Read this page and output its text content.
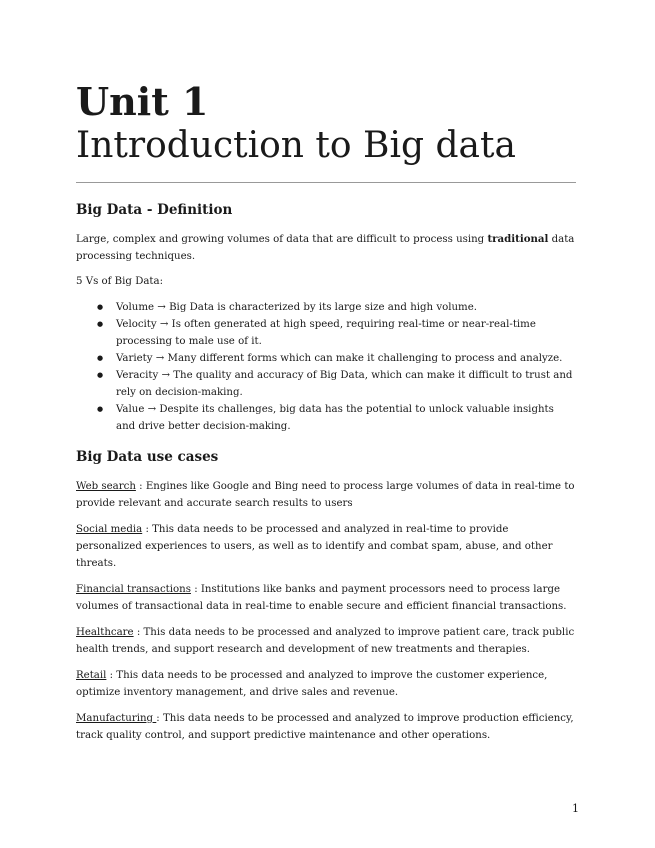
Unit 1
Introduction to Big data
Big Data - Definition

Large, complex and growing volumes of data that are difficult to process using traditional data processing techniques.

5 Vs of Big Data:

● Volume → Big Data is characterized by its large size and high volume.
● Velocity → Is often generated at high speed, requiring real-time or near-real-time processing to male use of it.
● Variety → Many different forms which can make it challenging to process and analyze.
● Veracity → The quality and accuracy of Big Data, which can make it difficult to trust and rely on decision-making.
● Value → Despite its challenges, big data has the potential to unlock valuable insights and drive better decision-making.
Big Data use cases

Web search : Engines like Google and Bing need to process large volumes of data in real-time to provide relevant and accurate search results to users

Social media : This data needs to be processed and analyzed in real-time to provide personalized experiences to users, as well as to identify and combat spam, abuse, and other threats.

Financial transactions : Institutions like banks and payment processors need to process large volumes of transactional data in real-time to enable secure and efficient financial transactions.

Healthcare : This data needs to be processed and analyzed to improve patient care, track public health trends, and support research and development of new treatments and therapies.

Retail : This data needs to be processed and analyzed to improve the customer experience, optimize inventory management, and drive sales and revenue.

Manufacturing : This data needs to be processed and analyzed to improve production efficiency, track quality control, and support predictive maintenance and other operations.

1
